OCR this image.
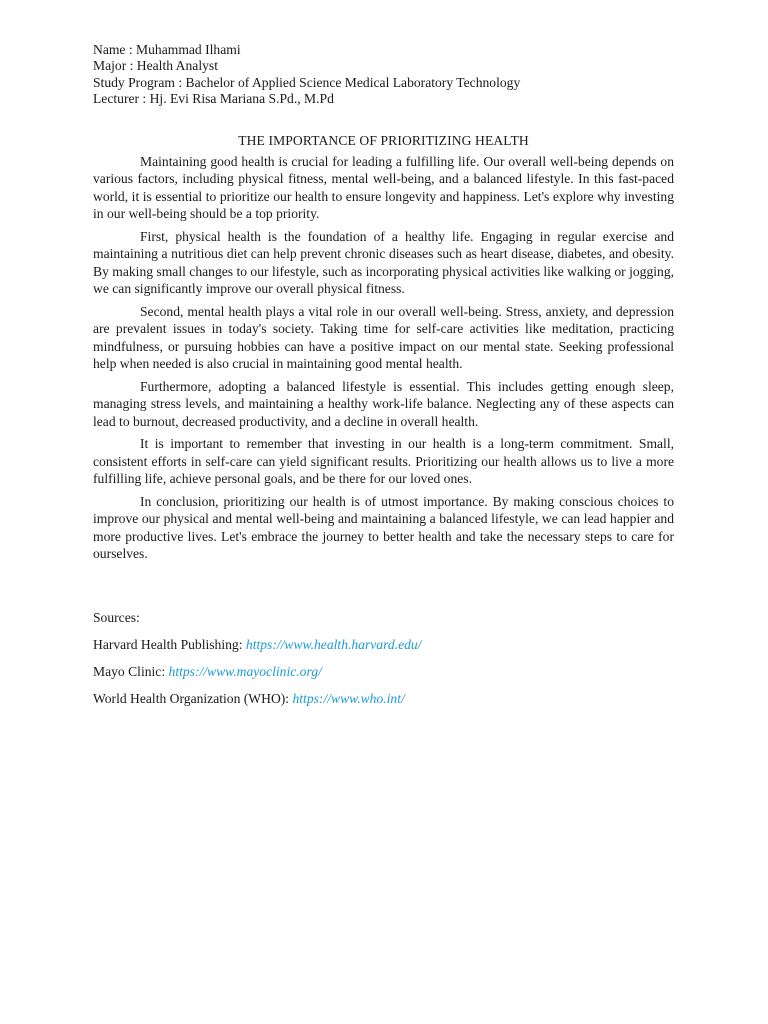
Name : Muhammad Ilhami
Major : Health Analyst
Study Program : Bachelor of Applied Science Medical Laboratory Technology
Lecturer : Hj. Evi Risa Mariana S.Pd., M.Pd
THE IMPORTANCE OF PRIORITIZING HEALTH

Maintaining good health is crucial for leading a fulfilling life. Our overall well-being depends on various factors, including physical fitness, mental well-being, and a balanced lifestyle. In this fast-paced world, it is essential to prioritize our health to ensure longevity and happiness. Let's explore why investing in our well-being should be a top priority.

First, physical health is the foundation of a healthy life. Engaging in regular exercise and maintaining a nutritious diet can help prevent chronic diseases such as heart disease, diabetes, and obesity. By making small changes to our lifestyle, such as incorporating physical activities like walking or jogging, we can significantly improve our overall physical fitness.

Second, mental health plays a vital role in our overall well-being. Stress, anxiety, and depression are prevalent issues in today's society. Taking time for self-care activities like meditation, practicing mindfulness, or pursuing hobbies can have a positive impact on our mental state. Seeking professional help when needed is also crucial in maintaining good mental health.

Furthermore, adopting a balanced lifestyle is essential. This includes getting enough sleep, managing stress levels, and maintaining a healthy work-life balance. Neglecting any of these aspects can lead to burnout, decreased productivity, and a decline in overall health.

It is important to remember that investing in our health is a long-term commitment. Small, consistent efforts in self-care can yield significant results. Prioritizing our health allows us to live a more fulfilling life, achieve personal goals, and be there for our loved ones.

In conclusion, prioritizing our health is of utmost importance. By making conscious choices to improve our physical and mental well-being and maintaining a balanced lifestyle, we can lead happier and more productive lives. Let's embrace the journey to better health and take the necessary steps to care for ourselves.

Sources:
Harvard Health Publishing: https://www.health.harvard.edu/
Mayo Clinic: https://www.mayoclinic.org/
World Health Organization (WHO): https://www.who.int/
